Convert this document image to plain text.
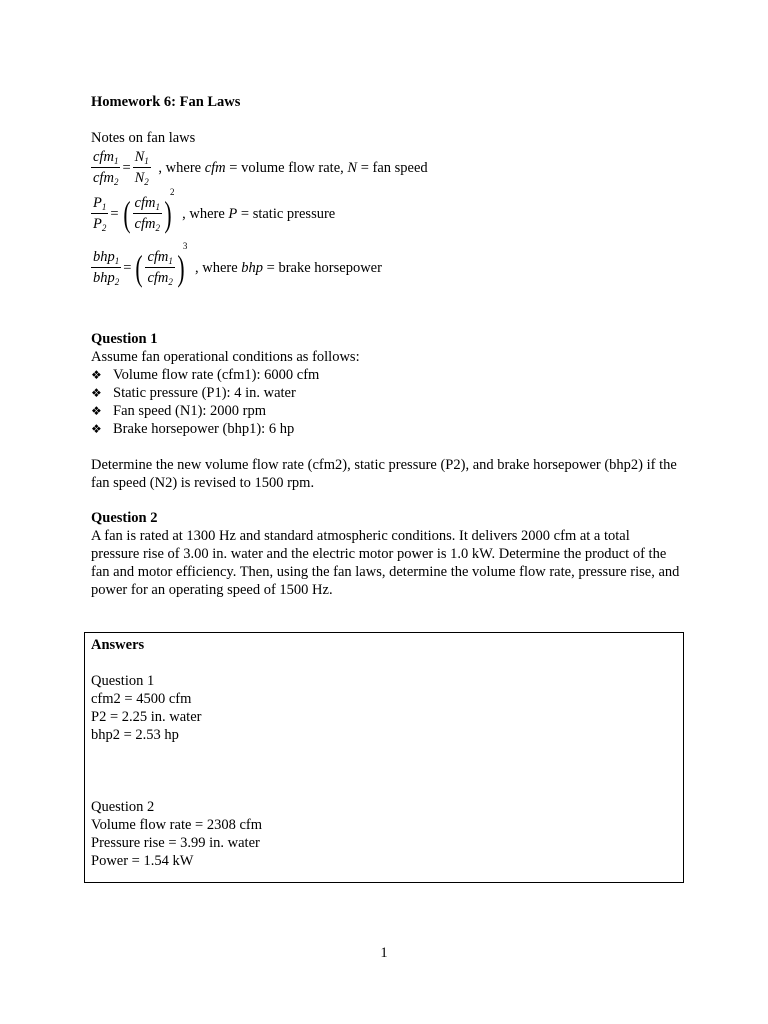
Homework 6: Fan Laws
Notes on fan laws
$\frac{cfm_1}{cfm_2} = \frac{N_1}{N_2}$ , where cfm = volume flow rate, N = fan speed
$\frac{P_1}{P_2}$ = ( $\frac{cfm_1}{cfm_2} )^2$ , where P = static pressure
$\frac{bhp_1}{bhp_2}$ = ( $\frac{cfm_1}{cfm_2} )^3$ , where bhp = brake horsepower
Question 1
Assume fan operational conditions as follows:
❖ Volume flow rate (cfm1): 6000 cfm
❖ Static pressure (P1): 4 in. water
❖ Fan speed (N1): 2000 rpm
❖ Brake horsepower (bhp1): 6 hp
Determine the new volume flow rate (cfm2), static pressure (P2), and brake horsepower (bhp2) if the fan speed (N2) is revised to 1500 rpm.
Question 2
A fan is rated at 1300 Hz and standard atmospheric conditions. It delivers 2000 cfm at a total pressure rise of 3.00 in. water and the electric motor power is 1.0 kW. Determine the product of the fan and motor efficiency. Then, using the fan laws, determine the volume flow rate, pressure rise, and power for an operating speed of 1500 Hz.
Answers
Question 1
cfm2 = 4500 cfm
P2 = 2.25 in. water
bhp2 = 2.53 hp
Question 2
Volume flow rate = 2308 cfm
Pressure rise = 3.99 in. water
Power = 1.54 kW
1
